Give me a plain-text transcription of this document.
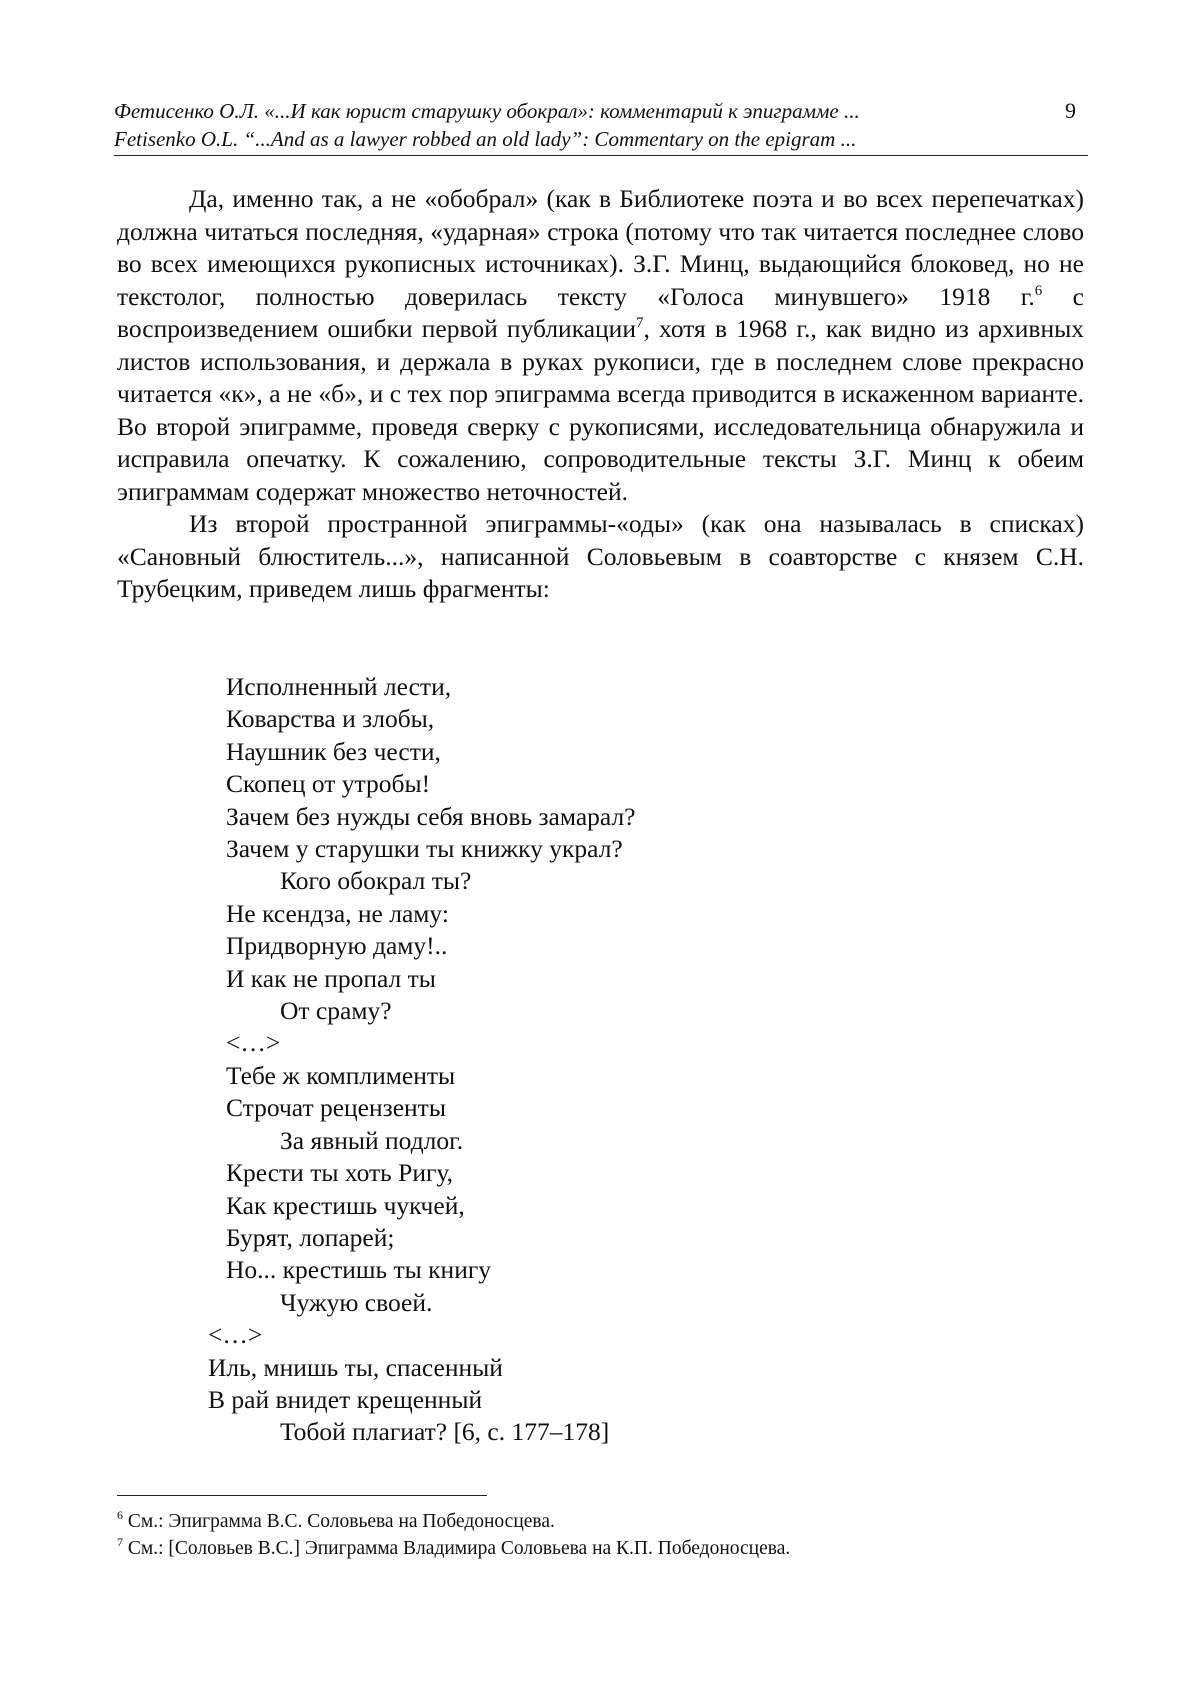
Фетисенко О.Л. «...И как юрист старушку обокрал»: комментарий к эпиграмме ...
Fetisenko O.L. “...And as a lawyer robbed an old lady”: Commentary on the epigram ...
9

Да, именно так, а не «обобрал» (как в Библиотеке поэта и во всех перепечатках) должна читаться последняя, «ударная» строка (потому что так читается последнее слово во всех имеющихся рукописных источниках). З.Г. Минц, выдающийся блоковед, но не текстолог, полностью доверилась тексту «Голоса минувшего» 1918 г.$^6$ с воспроизведением ошибки первой публикации$^7$, хотя в 1968 г., как видно из архивных листов использования, и держала в руках рукописи, где в последнем слове прекрасно читается «к», а не «б», и с тех пор эпиграмма всегда приводится в искаженном варианте. Во второй эпиграмме, проведя сверку с рукописями, исследовательница обнаружила и исправила опечатку. К сожалению, сопроводительные тексты З.Г. Минц к обеим эпиграммам содержат множество неточностей.

Из второй пространной эпиграммы-«оды» (как она называлась в списках) «Сановный блюститель...», написанной Соловьевым в соавторстве с князем С.Н. Трубецким, приведем лишь фрагменты:

Исполненный лести,
Коварства и злобы,
Наушник без чести,
Скопец от утробы!
Зачем без нужды себя вновь замарал?
Зачем у старушки ты книжку украл?
Кого обокрал ты?
Не ксендза, не ламу:
Придворную даму!..
И как не пропал ты
От сраму?
<…>
Тебе ж комплименты
Строчат рецензенты
За явный подлог.
Крести ты хоть Ригу,
Как крестишь чукчей,
Бурят, лопарей;
Но... крестишь ты книгу
Чужую своей.
<…>
Иль, мнишь ты, спасенный
В рай внидет крещенный
Тобой плагиат? [6, с. 177–178]
$^6$ См.: Эпиграмма В.С. Соловьева на Победоносцева.
$^7$ См.: [Соловьев В.С.] Эпиграмма Владимира Соловьева на К.П. Победоносцева.
